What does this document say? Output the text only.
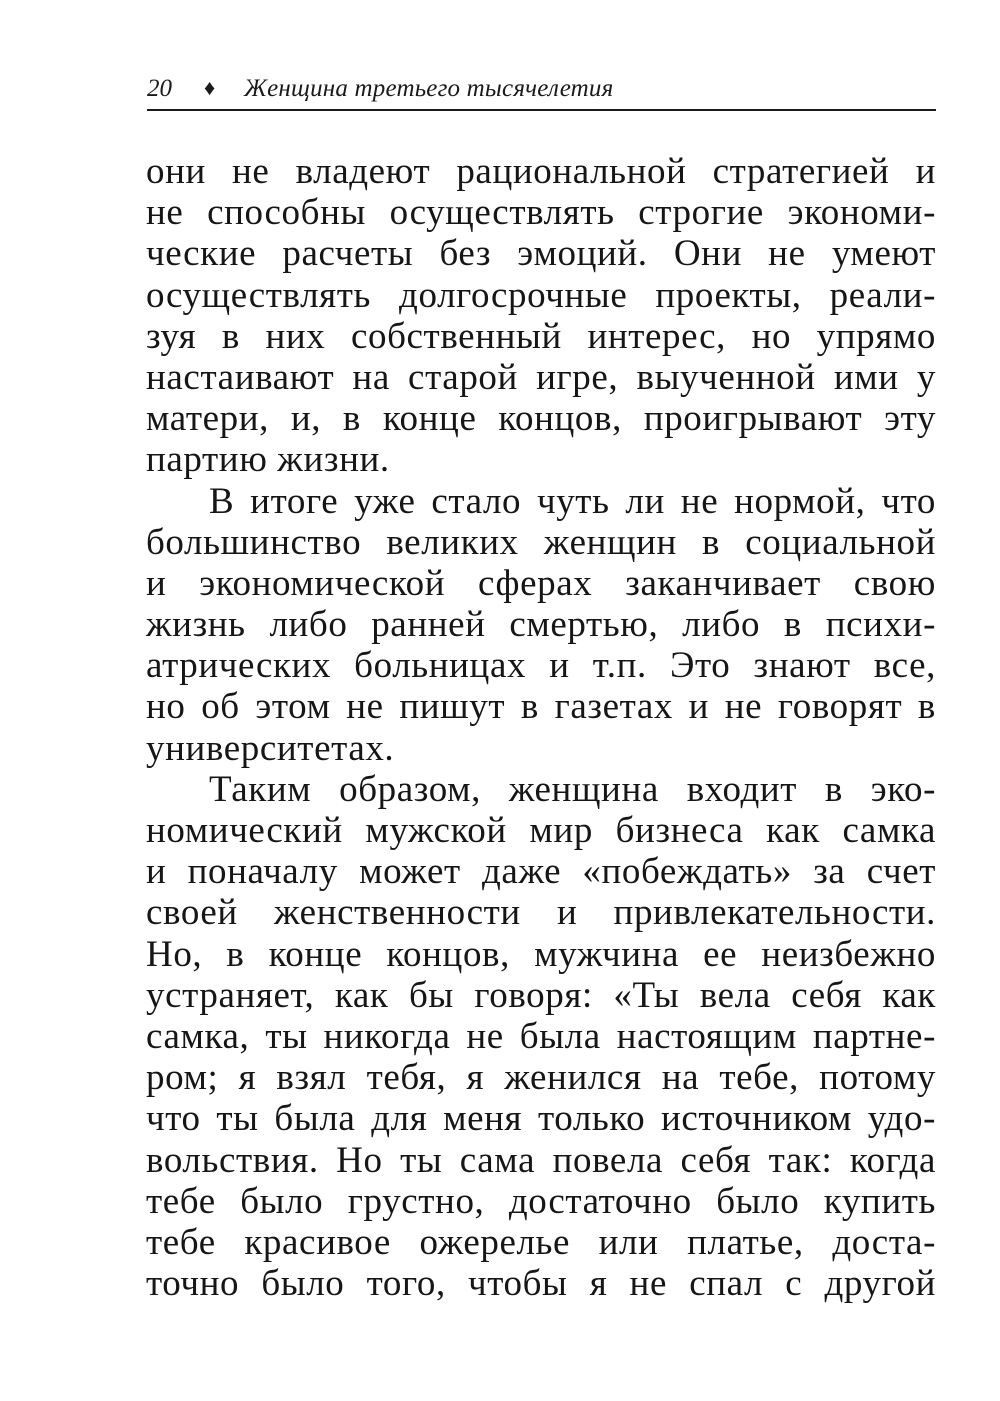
20 ♦ Женщина третьего тысячелетия
они не владеют рациональной стратегией и
не способны осуществлять строгие экономи-
ческие расчеты без эмоций. Они не умеют
осуществлять долгосрочные проекты, реали-
зуя в них собственный интерес, но упрямо
настаивают на старой игре, выученной ими у
матери, и, в конце концов, проигрывают эту
партию жизни.
В итоге уже стало чуть ли не нормой, что
большинство великих женщин в социальной
и экономической сферах заканчивает свою
жизнь либо ранней смертью, либо в психи-
атрических больницах и т.п. Это знают все,
но об этом не пишут в газетах и не говорят в
университетах.
Таким образом, женщина входит в эко-
номический мужской мир бизнеса как самка
и поначалу может даже «побеждать» за счет
своей женственности и привлекательности.
Но, в конце концов, мужчина ее неизбежно
устраняет, как бы говоря: «Ты вела себя как
самка, ты никогда не была настоящим партне-
ром; я взял тебя, я женился на тебе, потому
что ты была для меня только источником удо-
вольствия. Но ты сама повела себя так: когда
тебе было грустно, достаточно было купить
тебе красивое ожерелье или платье, доста-
точно было того, чтобы я не спал с другой
